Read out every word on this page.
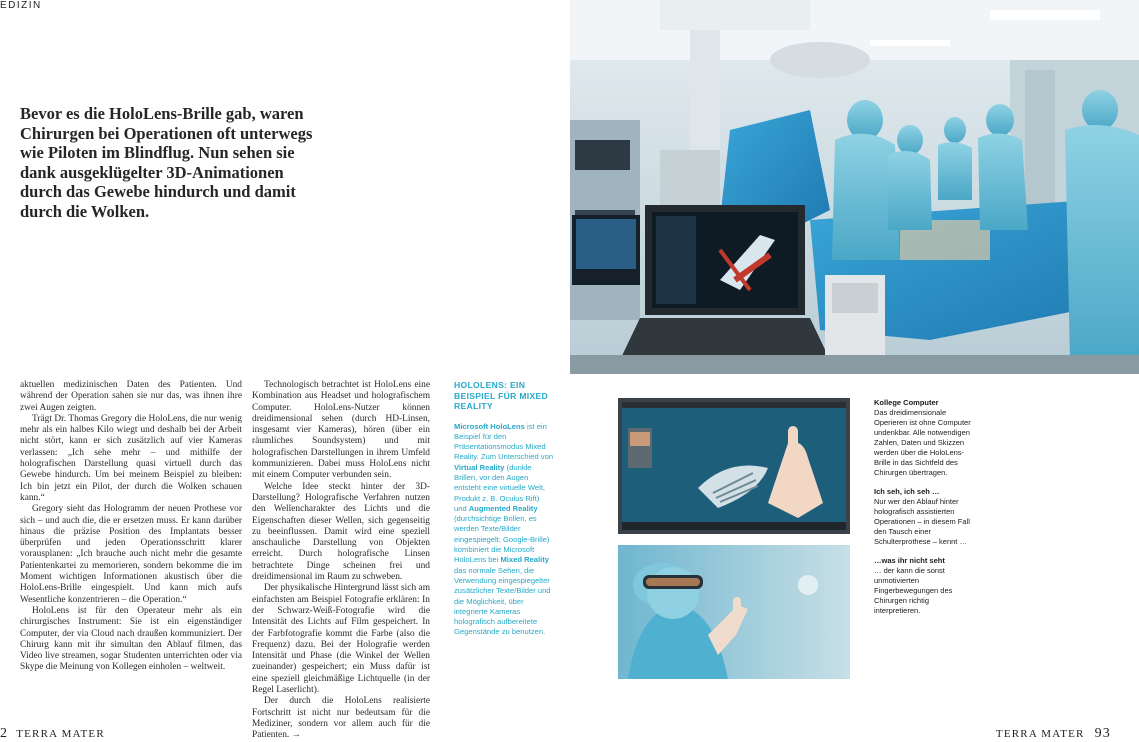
EDIZIN
Bevor es die HoloLens-Brille gab, waren Chirurgen bei Operationen oft unterwegs wie Piloten im Blindflug. Nun sehen sie dank ausgeklügelter 3D-Animationen durch das Gewebe hindurch und damit durch die Wolken.

aktuellen medizinischen Daten des Patienten. Und während der Operation sahen sie nur das, was ihnen ihre zwei Augen zeigten.

Trägt Dr. Thomas Gregory die HoloLens, die nur wenig mehr als ein halbes Kilo wiegt und deshalb bei der Arbeit nicht stört, kann er sich zusätzlich auf vier Kameras verlassen: „Ich sehe mehr – und mithilfe der holografischen Darstellung quasi virtuell durch das Gewebe hindurch. Um bei meinem Beispiel zu bleiben: Ich bin jetzt ein Pilot, der durch die Wolken schauen kann.“

Gregory sieht das Hologramm der neuen Prothese vor sich – und auch die, die er ersetzen muss. Er kann darüber hinaus die präzise Position des Implantats besser überprüfen und jeden Operationsschritt klarer vorausplanen: „Ich brauche auch nicht mehr die gesamte Patientenkartei zu memorieren, sondern bekomme die im Moment wichtigen Informationen akustisch über die HoloLens-Brille eingespielt. Und kann mich aufs Wesentliche konzentrieren – die Operation.“

HoloLens ist für den Operateur mehr als ein chirurgisches Instrument: Sie ist ein eigenständiger Computer, der via Cloud nach draußen kommuniziert. Der Chirurg kann mit ihr simultan den Ablauf filmen, das Video live streamen, sogar Studenten unterrichten oder via Skype die Meinung von Kollegen einholen – weltweit.

Technologisch betrachtet ist HoloLens eine Kombination aus Headset und holografischem Computer. HoloLens-Nutzer können dreidimensional sehen (durch HD-Linsen, insgesamt vier Kameras), hören (über ein räumliches Soundsystem) und mit holografischen Darstellungen in ihrem Umfeld kommunizieren. Dabei muss HoloLens nicht mit einem Computer verbunden sein.

Welche Idee steckt hinter der 3D-Darstellung? Holografische Verfahren nutzen den Wellencharakter des Lichts und die Eigenschaften dieser Wellen, sich gegenseitig zu beeinflussen. Damit wird eine speziell anschauliche Darstellung von Objekten erreicht. Durch holografische Linsen betrachtete Dinge scheinen frei und dreidimensional im Raum zu schweben.

Der physikalische Hintergrund lässt sich am einfachsten am Beispiel Fotografie erklären: In der Schwarz-Weiß-Fotografie wird die Intensität des Lichts auf Film gespeichert. In der Farbfotografie kommt die Farbe (also die Frequenz) dazu. Bei der Holografie werden Intensität und Phase (die Winkel der Wellen zueinander) gespeichert; ein Muss dafür ist eine speziell gleichmäßige Lichtquelle (in der Regel Laserlicht).

Der durch die HoloLens realisierte Fortschritt ist nicht nur bedeutsam für die Mediziner, sondern vor allem auch für die Patienten. →

HOLOLENS: EIN BEISPIEL FÜR MIXED REALITY
Microsoft HoloLens ist ein Beispiel für den Präsentationsmodus Mixed Reality. Zum Unterschied von Virtual Reality (dunkle Brillen, vor den Augen entsteht eine virtuelle Welt, Produkt z. B. Oculus Rift) und Augmented Reality (durchsichtige Brillen, es werden Texte/Bilder eingespiegelt; Google-Brille) kombiniert die Microsoft HoloLens bei Mixed Reality das normale Sehen, die Verwendung eingespiegelter zusätzlicher Texte/Bilder und die Möglichkeit, über integrierte Kameras holografisch aufbereitete Gegenstände zu benutzen.
Kollege Computer
Das dreidimensionale Operieren ist ohne Computer undenkbar. Alle notwendigen Zahlen, Daten und Skizzen werden über die HoloLens-Brille in das Sichtfeld des Chirurgen übertragen.
Ich seh, ich seh …
Nur wer den Ablauf hinter holografisch assistierten Operationen – in diesem Fall den Tausch einer Schulterprothese – kennt …
…was ihr nicht seht
… der kann die sonst unmotivierten Fingerbewegungen des Chirurgen richtig interpretieren.
2 TERRA MATER	TERRA MATER 93
